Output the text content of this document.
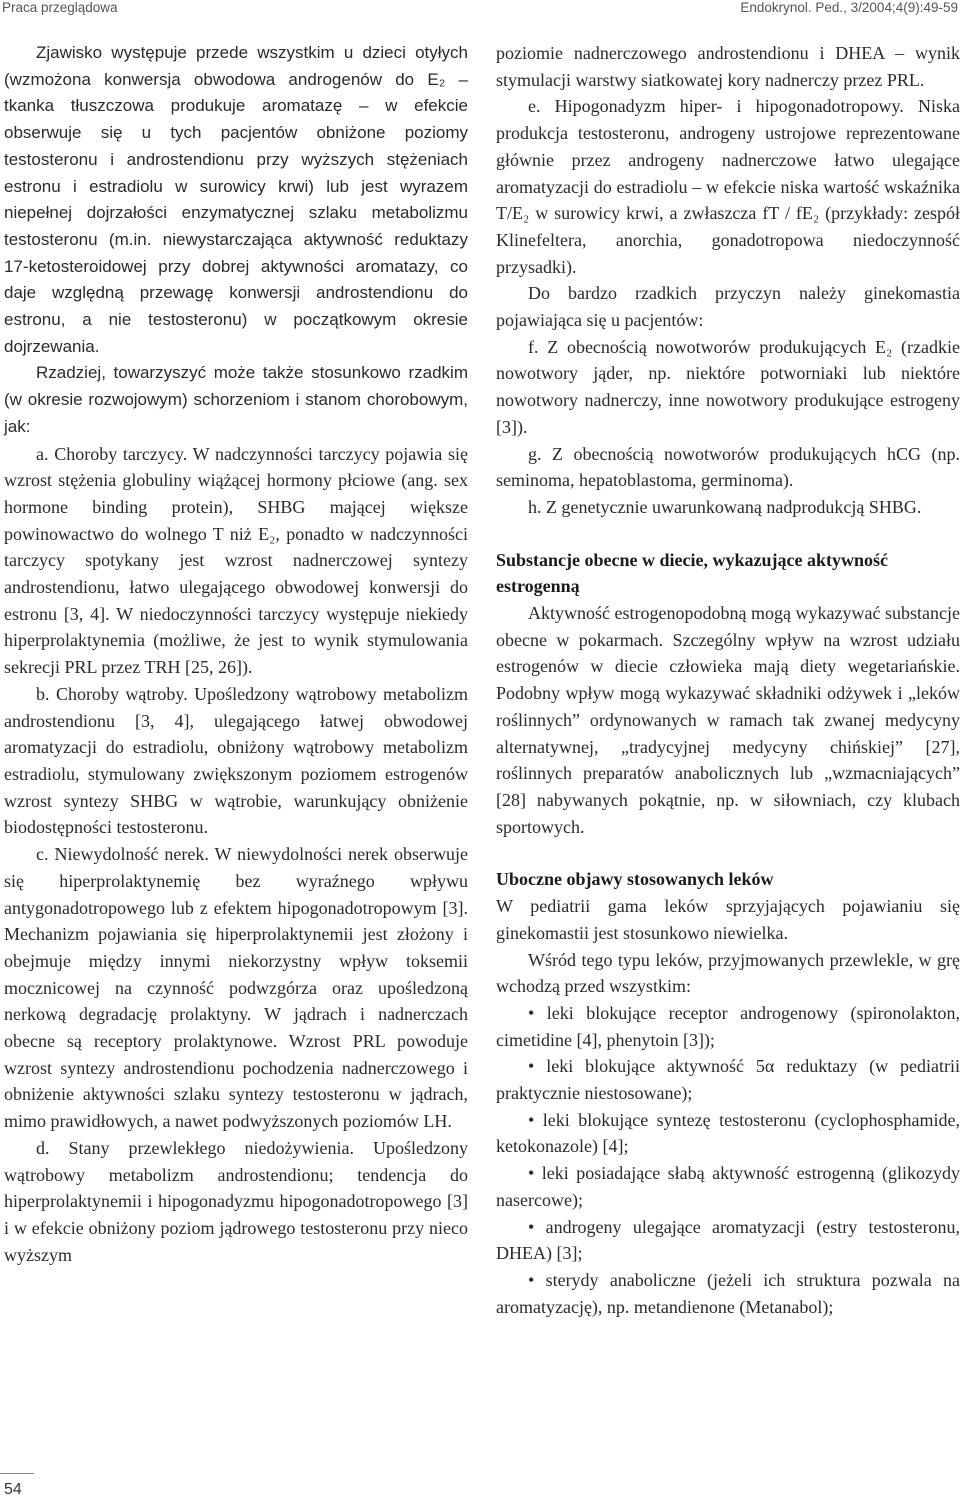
Praca przeglądowa	Endokrynol. Ped., 3/2004;4(9):49-59

Zjawisko występuje przede wszystkim u dzieci otyłych (wzmożona konwersja obwodowa androgenów do E₂ – tkanka tłuszczowa produkuje aromatazę – w efekcie obserwuje się u tych pacjentów obniżone poziomy testosteronu i androstendionu przy wyższych stężeniach estronu i estradiolu w surowicy krwi) lub jest wyrazem niepełnej dojrzałości enzymatycznej szlaku metabolizmu testosteronu (m.in. niewystarczająca aktywność reduktazy 17-ketosteroidowej przy dobrej aktywności aromatazy, co daje względną przewagę konwersji androstendionu do estronu, a nie testosteronu) w początkowym okresie dojrzewania.

Rzadziej, towarzyszyć może także stosunkowo rzadkim (w okresie rozwojowym) schorzeniom i stanom chorobowym, jak:

a. Choroby tarczycy. W nadczynności tarczycy pojawia się wzrost stężenia globuliny wiążącej hormony płciowe (ang. sex hormone binding protein), SHBG mającej większe powinowactwo do wolnego T niż E₂, ponadto w nadczynności tarczycy spotykany jest wzrost nadnerczowej syntezy androstendionu, łatwo ulegającego obwodowej konwersji do estronu [3, 4]. W niedoczynności tarczycy występuje niekiedy hiperprolaktynemia (możliwe, że jest to wynik stymulowania sekrecji PRL przez TRH [25, 26]).

b. Choroby wątroby. Upośledzony wątrobowy metabolizm androstendionu [3, 4], ulegającego łatwej obwodowej aromatyzacji do estradiolu, obniżony wątrobowy metabolizm estradiolu, stymulowany zwiększonym poziomem estrogenów wzrost syntezy SHBG w wątrobie, warunkujący obniżenie biodostępności testosteronu.

c. Niewydolność nerek. W niewydolności nerek obserwuje się hiperprolaktynemię bez wyraźnego wpływu antygonadotropowego lub z efektem hipogonadotropowym [3]. Mechanizm pojawiania się hiperprolaktynemii jest złożony i obejmuje między innymi niekorzystny wpływ toksemii mocznicowej na czynność podwzgórza oraz upośledzoną nerkową degradację prolaktyny. W jądrach i nadnerczach obecne są receptory prolaktynowe. Wzrost PRL powoduje wzrost syntezy androstendionu pochodzenia nadnerczowego i obniżenie aktywności szlaku syntezy testosteronu w jądrach, mimo prawidłowych, a nawet podwyższonych poziomów LH.

d. Stany przewlekłego niedożywienia. Upośledzony wątrobowy metabolizm androstendionu; tendencja do hiperprolaktynemii i hipogonadyzmu hipogonadotropowego [3] i w efekcie obniżony poziom jądrowego testosteronu przy nieco wyższym

poziomie nadnerczowego androstendionu i DHEA – wynik stymulacji warstwy siatkowatej kory nadnerczy przez PRL.

e. Hipogonadyzm hiper- i hipogonadotropowy. Niska produkcja testosteronu, androgeny ustrojowe reprezentowane głównie przez androgeny nadnerczowe łatwo ulegające aromatyzacji do estradiolu – w efekcie niska wartość wskaźnika T/E₂ w surowicy krwi, a zwłaszcza fT / fE₂ (przykłady: zespół Klinefeltera, anorchia, gonadotropowa niedoczynność przysadki).

Do bardzo rzadkich przyczyn należy ginekomastia pojawiająca się u pacjentów:

f. Z obecnością nowotworów produkujących E₂ (rzadkie nowotwory jąder, np. niektóre potworniaki lub niektóre nowotwory nadnerczy, inne nowotwory produkujące estrogeny [3]).

g. Z obecnością nowotworów produkujących hCG (np. seminoma, hepatoblastoma, germinoma).

h. Z genetycznie uwarunkowaną nadprodukcją SHBG.

Substancje obecne w diecie, wykazujące aktywność estrogenną

Aktywność estrogenopodobną mogą wykazywać substancje obecne w pokarmach. Szczególny wpływ na wzrost udziału estrogenów w diecie człowieka mają diety wegetariańskie. Podobny wpływ mogą wykazywać składniki odżywek i „leków roślinnych” ordynowanych w ramach tak zwanej medycyny alternatywnej, „tradycyjnej medycyny chińskiej” [27], roślinnych preparatów anabolicznych lub „wzmacniających” [28] nabywanych pokątnie, np. w siłowniach, czy klubach sportowych.

Uboczne objawy stosowanych leków

W pediatrii gama leków sprzyjających pojawianiu się ginekomastii jest stosunkowo niewielka.

Wśród tego typu leków, przyjmowanych przewlekle, w grę wchodzą przed wszystkim:

• leki blokujące receptor androgenowy (spironolakton, cimetidine [4], phenytoin [3]);

• leki blokujące aktywność 5α reduktazy (w pediatrii praktycznie niestosowane);

• leki blokujące syntezę testosteronu (cyclophosphamide, ketokonazole) [4];

• leki posiadające słabą aktywność estrogenną (glikozydy nasercowe);

• androgeny ulegające aromatyzacji (estry testosteronu, DHEA) [3];

• sterydy anaboliczne (jeżeli ich struktura pozwala na aromatyzację), np. metandienone (Metanabol);

54
